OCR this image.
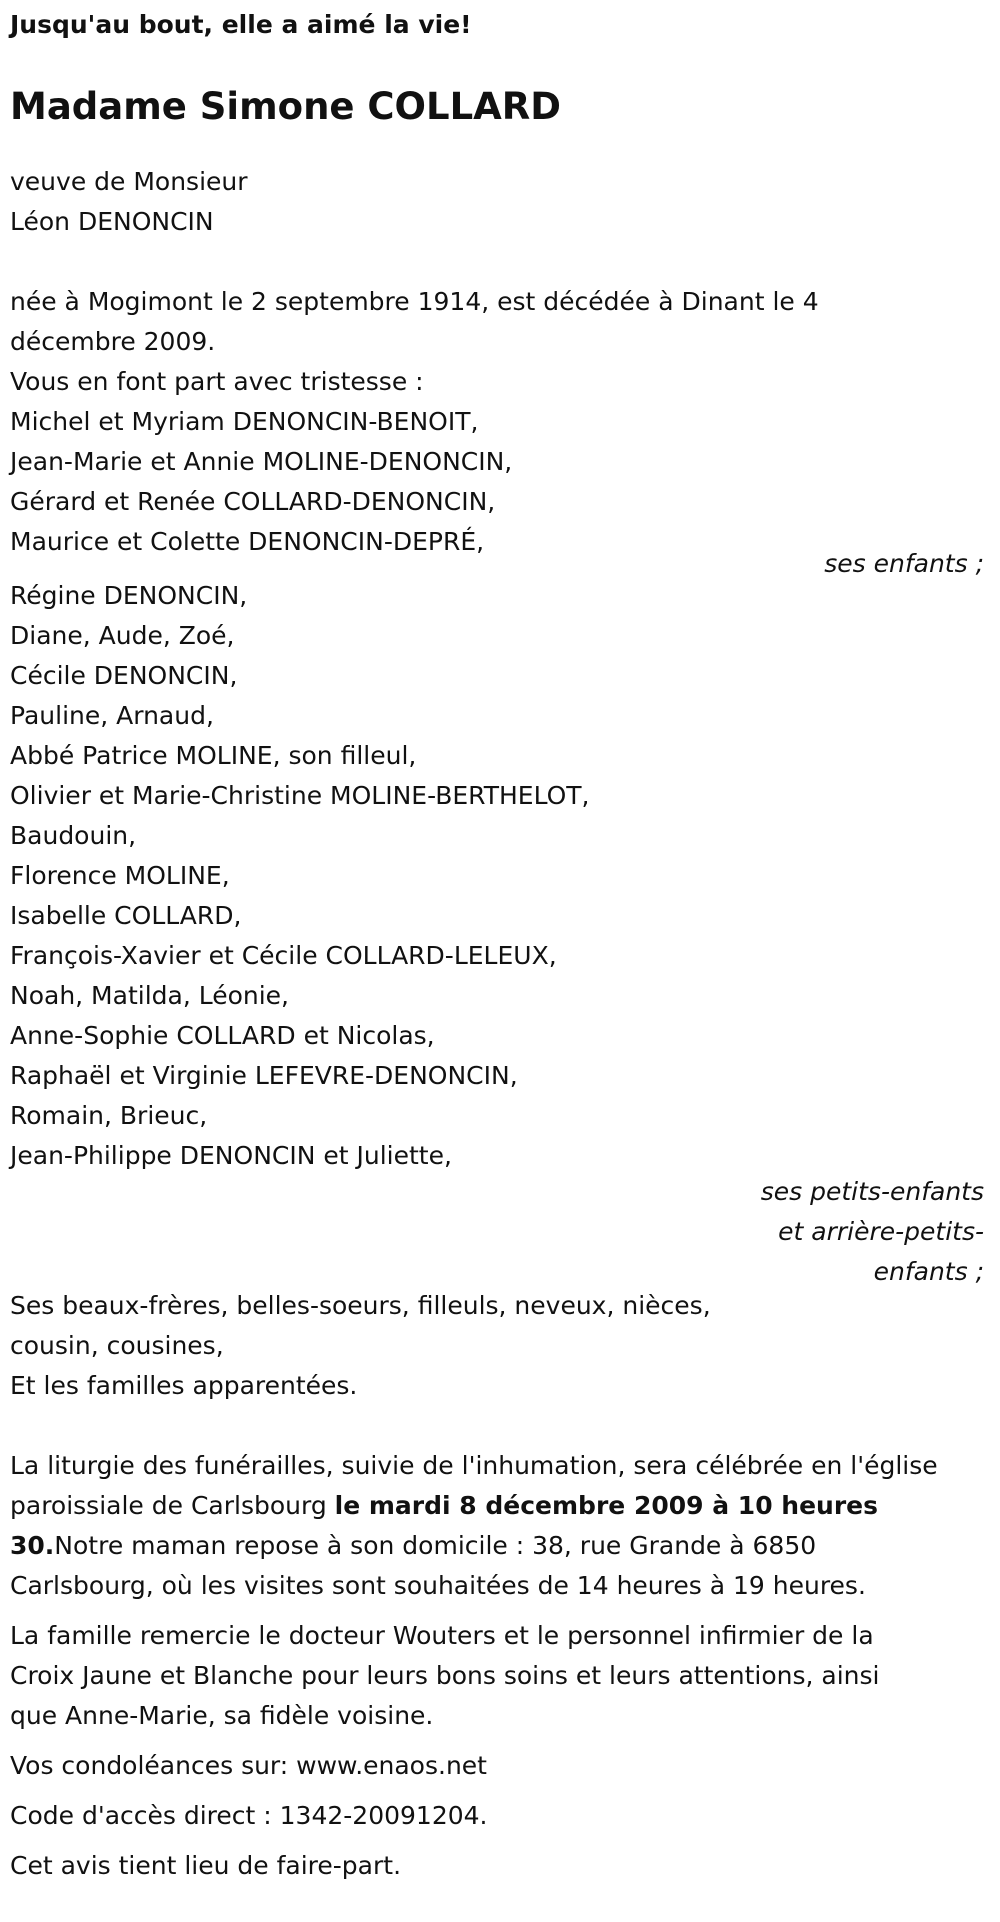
Jusqu'au bout, elle a aimé la vie!
Madame Simone COLLARD
veuve de Monsieur
Léon DENONCIN
née à Mogimont le 2 septembre 1914, est décédée à Dinant le 4
décembre 2009.
Vous en font part avec tristesse :
Michel et Myriam DENONCIN-BENOIT,
Jean-Marie et Annie MOLINE-DENONCIN,
Gérard et Renée COLLARD-DENONCIN,
Maurice et Colette DENONCIN-DEPRÉ,
ses enfants ;
Régine DENONCIN,
Diane, Aude, Zoé,
Cécile DENONCIN,
Pauline, Arnaud,
Abbé Patrice MOLINE, son filleul,
Olivier et Marie-Christine MOLINE-BERTHELOT,
Baudouin,
Florence MOLINE,
Isabelle COLLARD,
François-Xavier et Cécile COLLARD-LELEUX,
Noah, Matilda, Léonie,
Anne-Sophie COLLARD et Nicolas,
Raphaël et Virginie LEFEVRE-DENONCIN,
Romain, Brieuc,
Jean-Philippe DENONCIN et Juliette,
ses petits-enfants
et arrière-petits-
enfants ;
Ses beaux-frères, belles-soeurs, filleuls, neveux, nièces,
cousin, cousines,
Et les familles apparentées.
La liturgie des funérailles, suivie de l'inhumation, sera célébrée en l'église
paroissiale de Carlsbourg le mardi 8 décembre 2009 à 10 heures
30.Notre maman repose à son domicile : 38, rue Grande à 6850
Carlsbourg, où les visites sont souhaitées de 14 heures à 19 heures.
La famille remercie le docteur Wouters et le personnel infirmier de la
Croix Jaune et Blanche pour leurs bons soins et leurs attentions, ainsi
que Anne-Marie, sa fidèle voisine.
Vos condoléances sur: www.enaos.net
Code d'accès direct : 1342-20091204.
Cet avis tient lieu de faire-part.
